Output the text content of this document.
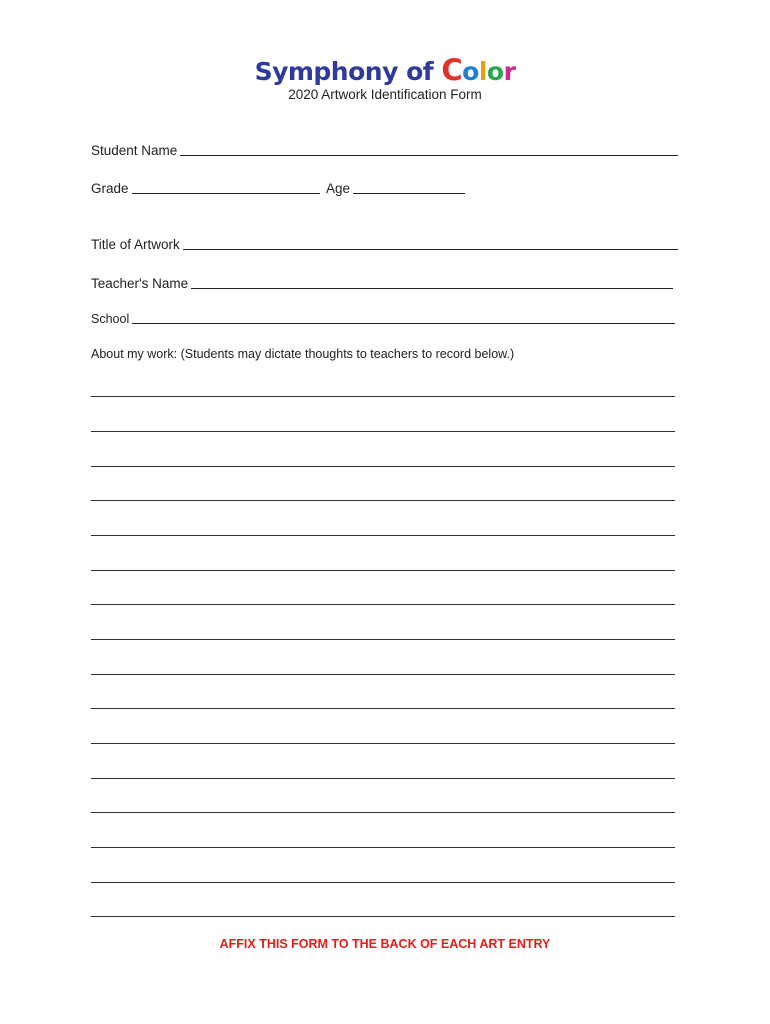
Symphony of Color
2020 Artwork Identification Form
Student Name
Grade	Age
Title of Artwork
Teacher's Name
School
About my work: (Students may dictate thoughts to teachers to record below.)
AFFIX THIS FORM TO THE BACK OF EACH ART ENTRY
